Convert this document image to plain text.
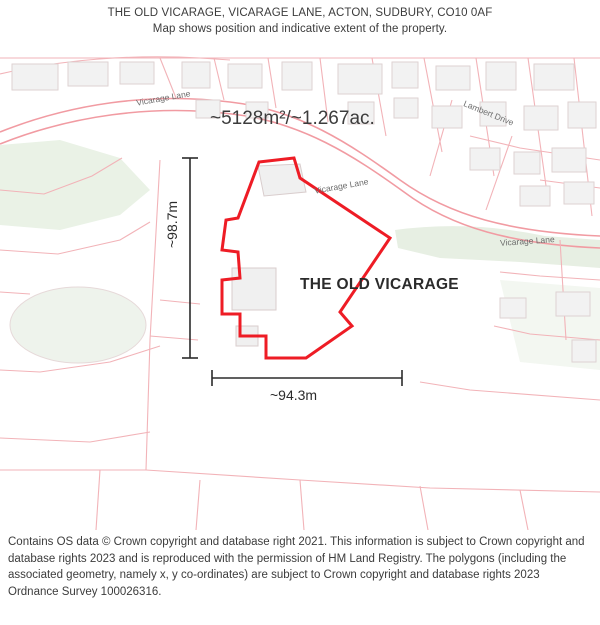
THE OLD VICARAGE, VICARAGE LANE, ACTON, SUDBURY, CO10 0AF
Map shows position and indicative extent of the property.
Vicarage Lane
Vicarage Lane
Vicarage Lane
Lambert Drive
~5128m²/~1.267ac.
THE OLD VICARAGE
~98.7m
~94.3m
Contains OS data © Crown copyright and database right 2021. This information is subject to Crown copyright and database rights 2023 and is reproduced with the permission of HM Land Registry. The polygons (including the associated geometry, namely x, y co-ordinates) are subject to Crown copyright and database rights 2023 Ordnance Survey 100026316.
